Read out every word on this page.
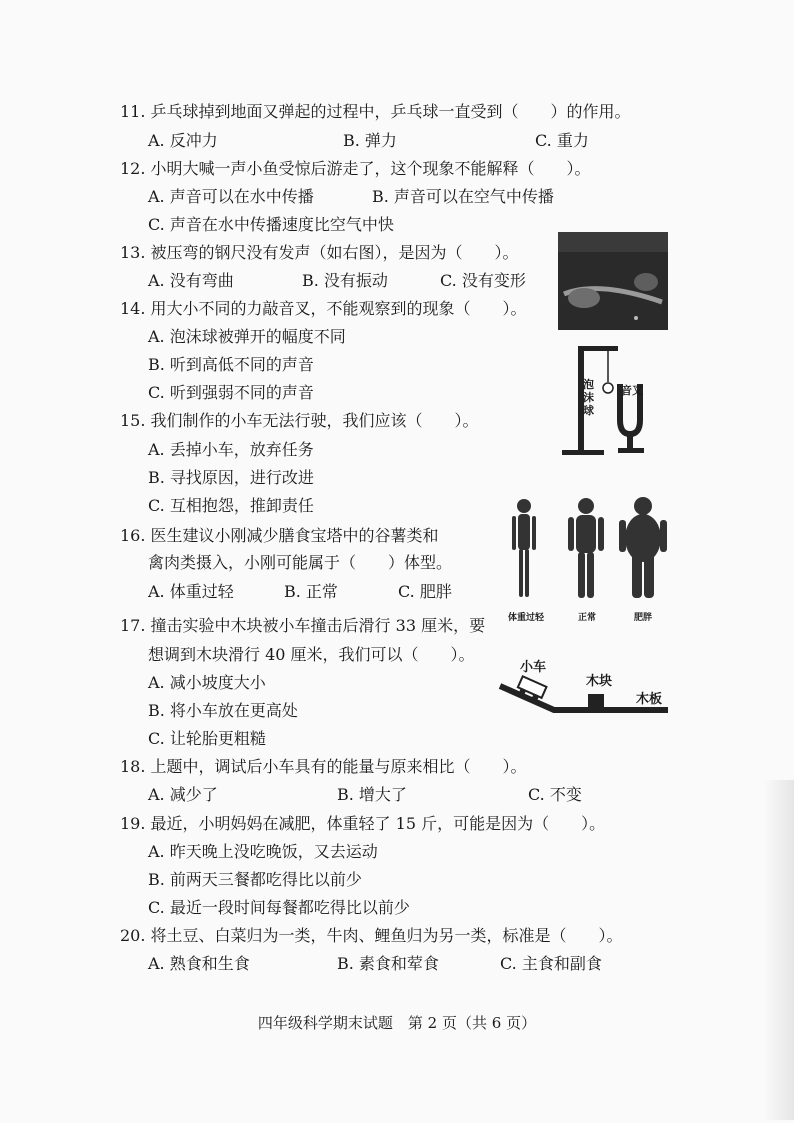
11. 乒乓球掉到地面又弹起的过程中，乒乓球一直受到（　　）的作用。
A. 反冲力	B. 弹力	C. 重力
12. 小明大喊一声小鱼受惊后游走了，这个现象不能解释（　　）。
A. 声音可以在水中传播	B. 声音可以在空气中传播
C. 声音在水中传播速度比空气中快
13. 被压弯的钢尺没有发声（如右图），是因为（　　）。
A. 没有弯曲	B. 没有振动	C. 没有变形
14. 用大小不同的力敲音叉，不能观察到的现象（　　）。
A. 泡沫球被弹开的幅度不同
B. 听到高低不同的声音
C. 听到强弱不同的声音
15. 我们制作的小车无法行驶，我们应该（　　）。
A. 丢掉小车，放弃任务
B. 寻找原因，进行改进
C. 互相抱怨，推卸责任
16. 医生建议小刚减少膳食宝塔中的谷薯类和
禽肉类摄入，小刚可能属于（　　）体型。
A. 体重过轻	B. 正常	C. 肥胖
17. 撞击实验中木块被小车撞击后滑行 33 厘米，要
想调到木块滑行 40 厘米，我们可以（　　）。
A. 减小坡度大小
B. 将小车放在更高处
C. 让轮胎更粗糙
18. 上题中，调试后小车具有的能量与原来相比（　　）。
A. 减少了	B. 增大了	C. 不变
19. 最近，小明妈妈在减肥，体重轻了 15 斤，可能是因为（　　）。
A. 昨天晚上没吃晚饭，又去运动
B. 前两天三餐都吃得比以前少
C. 最近一段时间每餐都吃得比以前少
20. 将土豆、白菜归为一类，牛肉、鲤鱼归为另一类，标准是（　　）。
A. 熟食和生食	B. 素食和荤食	C. 主食和副食
泡沫球
音叉
体重过轻	正常	肥胖
小车
木块
木板
四年级科学期末试题　第 2 页（共 6 页）
